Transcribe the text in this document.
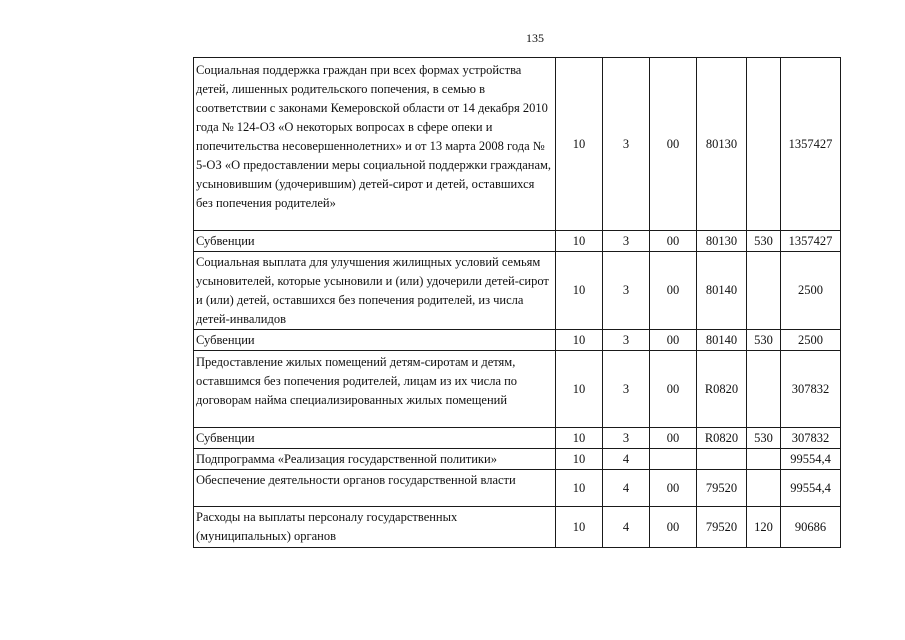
135
Социальная поддержка граждан при всех формах устройства детей, лишенных родительского попечения, в семью в соответствии с законами Кемеровской области от 14 декабря 2010 года № 124-ОЗ «О некоторых вопросах в сфере опеки и попечительства несовершеннолетних» и от 13 марта 2008 года № 5-ОЗ «О предоставлении меры социальной поддержки гражданам, усыновившим (удочерившим) детей-сирот и детей, оставшихся без попечения родителей»	10	3	00	80130		1357427
Субвенции	10	3	00	80130	530	1357427
Социальная выплата для улучшения жилищных условий семьям усыновителей, которые усыновили и (или) удочерили детей-сирот и (или) детей, оставшихся без попечения родителей, из числа детей-инвалидов	10	3	00	80140		2500
Субвенции	10	3	00	80140	530	2500
Предоставление жилых помещений детям-сиротам и детям, оставшимся без попечения родителей, лицам из их числа по договорам найма специализированных жилых помещений	10	3	00	R0820		307832
Субвенции	10	3	00	R0820	530	307832
Подпрограмма «Реализация государственной политики»	10	4				99554,4
Обеспечение деятельности органов государственной власти	10	4	00	79520		99554,4
Расходы на выплаты персоналу государственных (муниципальных) органов	10	4	00	79520	120	90686
